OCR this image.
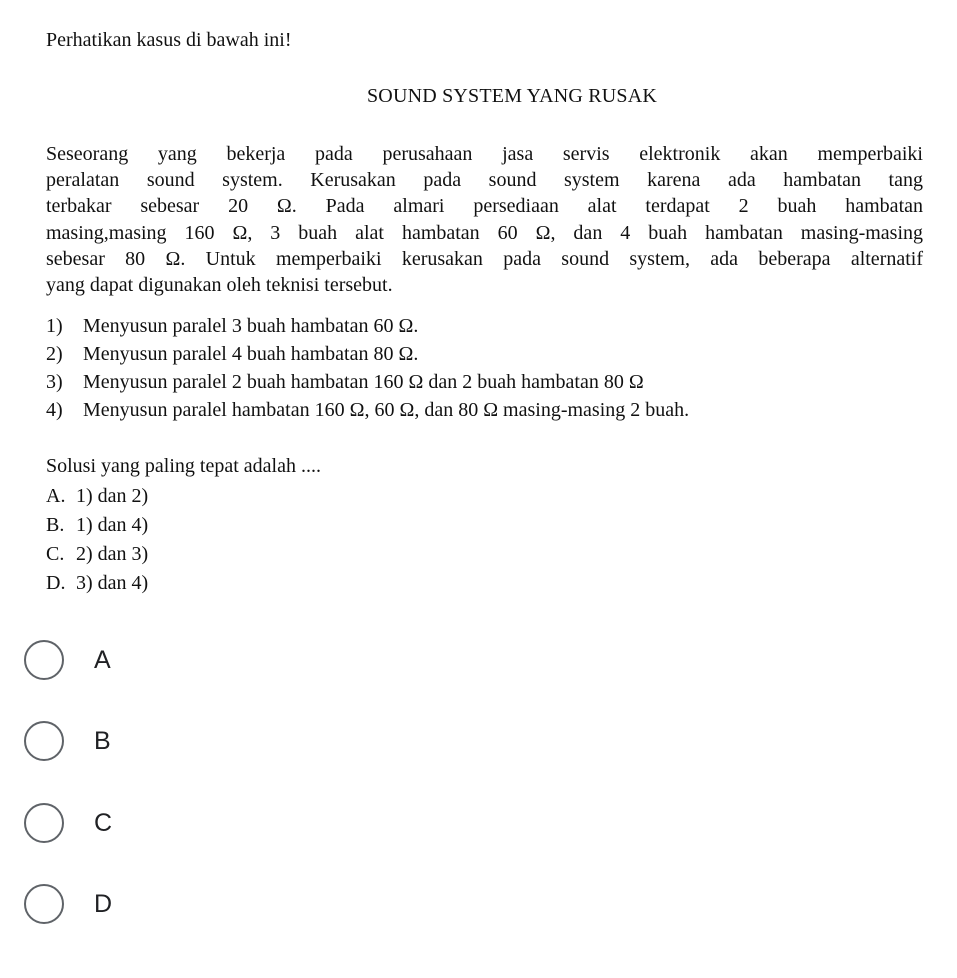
Perhatikan kasus di bawah ini!
SOUND SYSTEM YANG RUSAK
Seseorang yang bekerja pada perusahaan jasa servis elektronik akan memperbaiki
peralatan sound system. Kerusakan pada sound system karena ada hambatan tang
terbakar sebesar 20 Ω. Pada almari persediaan alat terdapat 2 buah hambatan
masing,masing 160 Ω, 3 buah alat hambatan 60 Ω, dan 4 buah hambatan masing-masing
sebesar 80 Ω. Untuk memperbaiki kerusakan pada sound system, ada beberapa alternatif
yang dapat digunakan oleh teknisi tersebut.
1) Menyusun paralel 3 buah hambatan 60 Ω.
2) Menyusun paralel 4 buah hambatan 80 Ω.
3) Menyusun paralel 2 buah hambatan 160 Ω dan 2 buah hambatan 80 Ω
4) Menyusun paralel hambatan 160 Ω, 60 Ω, dan 80 Ω masing-masing 2 buah.
Solusi yang paling tepat adalah ....
A. 1) dan 2)
B. 1) dan 4)
C. 2) dan 3)
D. 3) dan 4)
A
B
C
D
